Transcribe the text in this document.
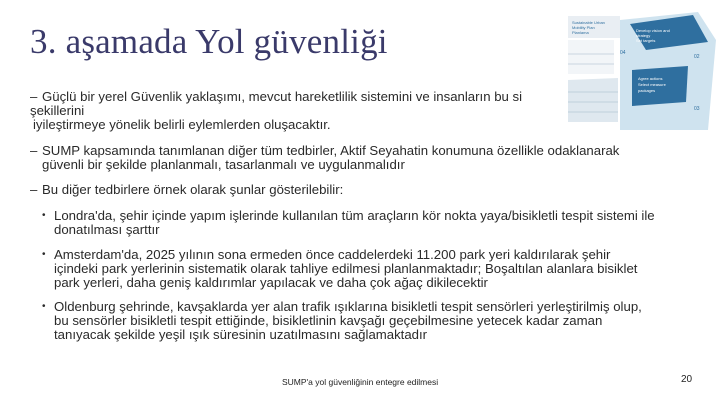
3. aşamada Yol güvenliği	Sustainable Urban
Mobility Plan
Planlama	Develop vision and
strategy
Set targets
Agree actions
Select measure
packages
04
02
03
– Güçlü bir yerel Güvenlik yaklaşımı, mevcut hareketlilik sistemini ve insanların bu si
şekillerini
iyileştirmeye yönelik belirli eylemlerden oluşacaktır.
– SUMP kapsamında tanımlanan diğer tüm tedbirler, Aktif Seyahatin konumuna özellikle odaklanarak
güvenli bir şekilde planlanmalı, tasarlanmalı ve uygulanmalıdır
– Bu diğer tedbirlere örnek olarak şunlar gösterilebilir:
• Londra'da, şehir içinde yapım işlerinde kullanılan tüm araçların kör nokta yaya/bisikletli tespit sistemi ile
donatılması şarttır
• Amsterdam'da, 2025 yılının sona ermeden önce caddelerdeki 11.200 park yeri kaldırılarak şehir
içindeki park yerlerinin sistematik olarak tahliye edilmesi planlanmaktadır; Boşaltılan alanlara bisiklet
park yerleri, daha geniş kaldırımlar yapılacak ve daha çok ağaç dikilecektir
• Oldenburg şehrinde, kavşaklarda yer alan trafik ışıklarına bisikletli tespit sensörleri yerleştirilmiş olup,
bu sensörler bisikletli tespit ettiğinde, bisikletlinin kavşağı geçebilmesine yetecek kadar zaman
tanıyacak şekilde yeşil ışık süresinin uzatılmasını sağlamaktadır
SUMP'a yol güvenliğinin entegre edilmesi	20
